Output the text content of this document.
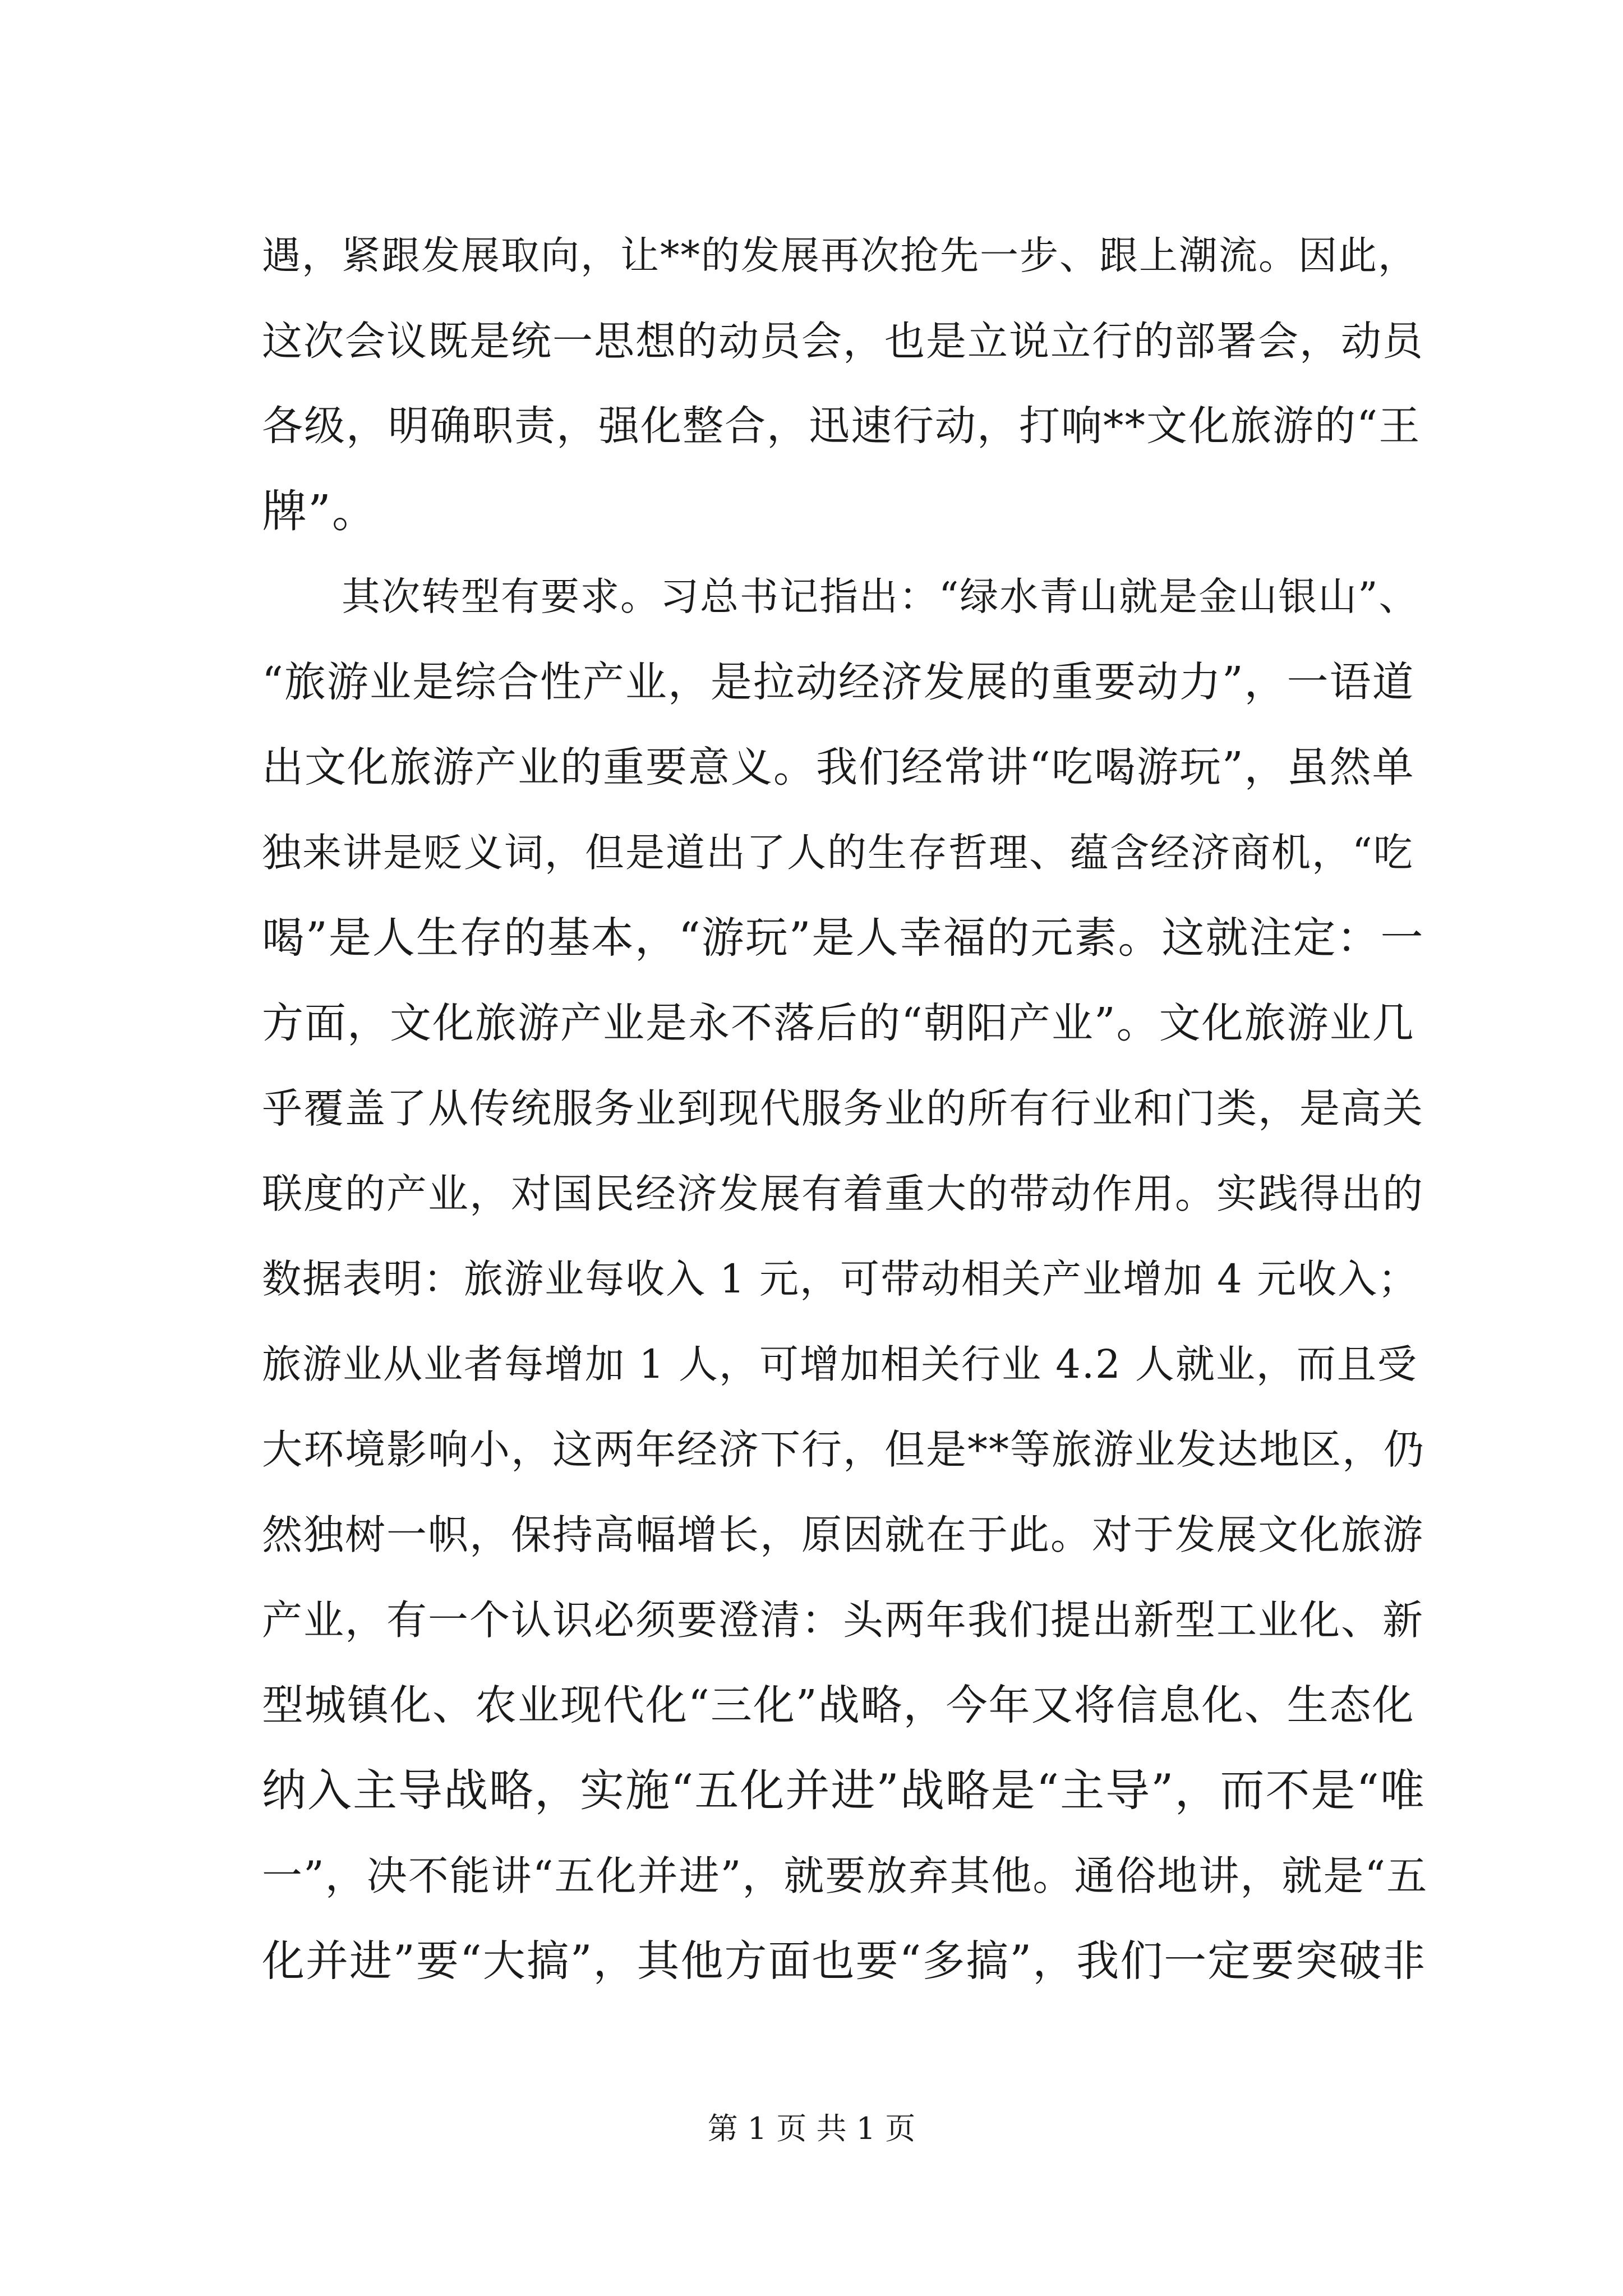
遇，紧跟发展取向，让**的发展再次抢先一步、跟上潮流。因此，
这次会议既是统一思想的动员会，也是立说立行的部署会，动员
各级，明确职责，强化整合，迅速行动，打响**文化旅游的“王
牌”。
　　其次转型有要求。习总书记指出：“绿水青山就是金山银山”、
“旅游业是综合性产业，是拉动经济发展的重要动力”，一语道
出文化旅游产业的重要意义。我们经常讲“吃喝游玩”，虽然单
独来讲是贬义词，但是道出了人的生存哲理、蕴含经济商机，“吃
喝”是人生存的基本，“游玩”是人幸福的元素。这就注定：一
方面，文化旅游产业是永不落后的“朝阳产业”。文化旅游业几
乎覆盖了从传统服务业到现代服务业的所有行业和门类，是高关
联度的产业，对国民经济发展有着重大的带动作用。实践得出的
数据表明：旅游业每收入 1 元，可带动相关产业增加 4 元收入；
旅游业从业者每增加 1 人，可增加相关行业 4.2 人就业，而且受
大环境影响小，这两年经济下行，但是**等旅游业发达地区，仍
然独树一帜，保持高幅增长，原因就在于此。对于发展文化旅游
产业，有一个认识必须要澄清：头两年我们提出新型工业化、新
型城镇化、农业现代化“三化”战略，今年又将信息化、生态化
纳入主导战略，实施“五化并进”战略是“主导”，而不是“唯
一”，决不能讲“五化并进”，就要放弃其他。通俗地讲，就是“五
化并进”要“大搞”，其他方面也要“多搞”，我们一定要突破非
第 1 页 共 1 页
